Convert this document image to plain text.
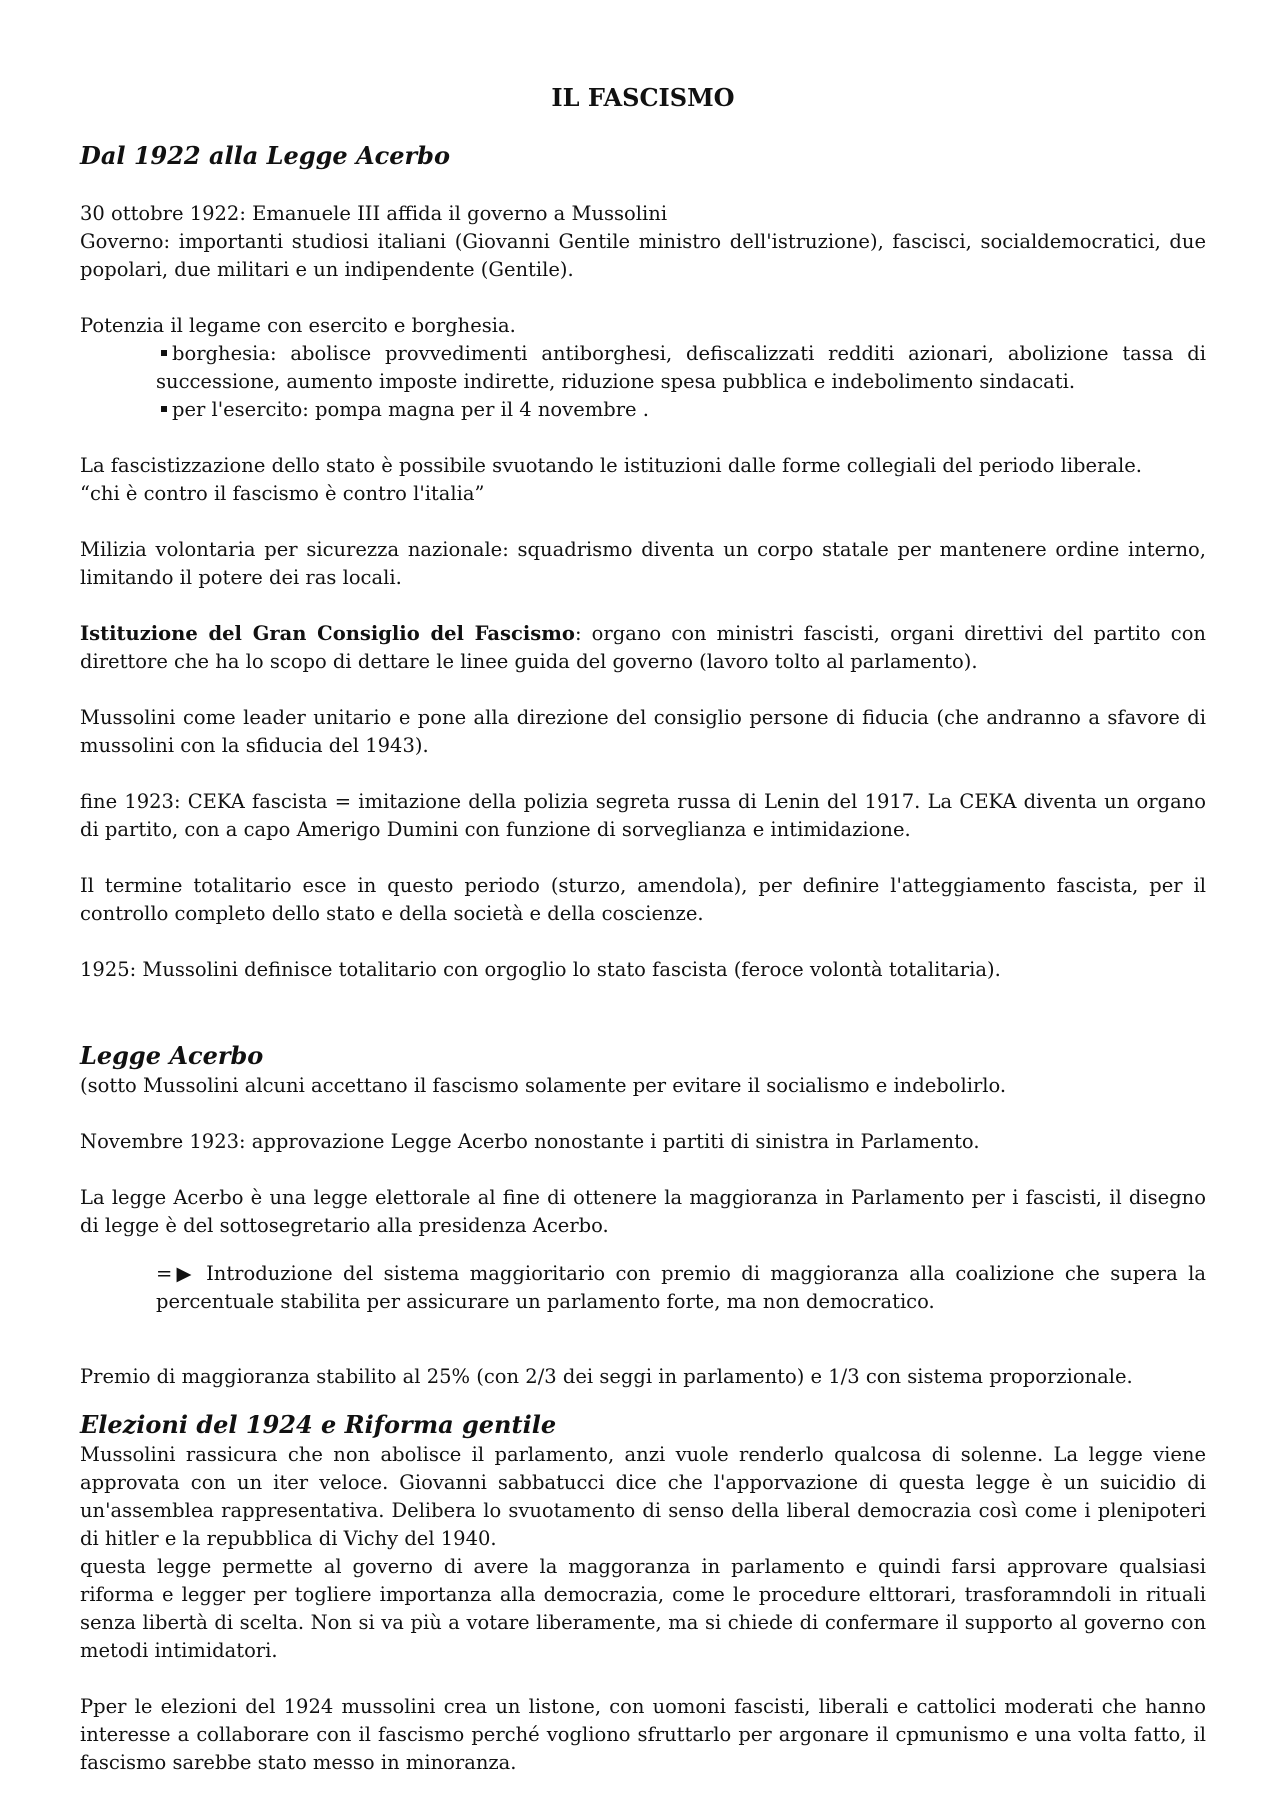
IL FASCISMO
Dal 1922 alla Legge Acerbo

30 ottobre 1922: Emanuele III affida il governo a Mussolini

Governo: importanti studiosi italiani (Giovanni Gentile ministro dell'istruzione), fascisci, socialdemocratici, due popolari, due militari e un indipendente (Gentile).

Potenzia il legame con esercito e borghesia.

borghesia: abolisce provvedimenti antiborghesi, defiscalizzati redditi azionari, abolizione tassa di successione, aumento imposte indirette, riduzione spesa pubblica e indebolimento sindacati.
per l'esercito: pompa magna per il 4 novembre .

La fascistizzazione dello stato è possibile svuotando le istituzioni dalle forme collegiali del periodo liberale.

“chi è contro il fascismo è contro l'italia”

Milizia volontaria per sicurezza nazionale: squadrismo diventa un corpo statale per mantenere ordine interno, limitando il potere dei ras locali.

Istituzione del Gran Consiglio del Fascismo: organo con ministri fascisti, organi direttivi del partito con direttore che ha lo scopo di dettare le linee guida del governo (lavoro tolto al parlamento).

Mussolini come leader unitario e pone alla direzione del consiglio persone di fiducia (che andranno a sfavore di mussolini con la sfiducia del 1943).

fine 1923: CEKA fascista = imitazione della polizia segreta russa di Lenin del 1917. La CEKA diventa un organo di partito, con a capo Amerigo Dumini con funzione di sorveglianza e intimidazione.

Il termine totalitario esce in questo periodo (sturzo, amendola), per definire l'atteggiamento fascista, per il controllo completo dello stato e della società e della coscienze.

1925: Mussolini definisce totalitario con orgoglio lo stato fascista (feroce volontà totalitaria).

Legge Acerbo

(sotto Mussolini alcuni accettano il fascismo solamente per evitare il socialismo e indebolirlo.

Novembre 1923: approvazione Legge Acerbo nonostante i partiti di sinistra in Parlamento.

La legge Acerbo è una legge elettorale al fine di ottenere la maggioranza in Parlamento per i fascisti, il disegno di legge è del sottosegretario alla presidenza Acerbo.

=▶ Introduzione del sistema maggioritario con premio di maggioranza alla coalizione che supera la percentuale stabilita per assicurare un parlamento forte, ma non democratico.

Premio di maggioranza stabilito al 25% (con 2/3 dei seggi in parlamento) e 1/3 con sistema proporzionale.

Elezioni del 1924 e Riforma gentile

Mussolini rassicura che non abolisce il parlamento, anzi vuole renderlo qualcosa di solenne. La legge viene approvata con un iter veloce. Giovanni sabbatucci dice che l'apporvazione di questa legge è un suicidio di un'assemblea rappresentativa. Delibera lo svuotamento di senso della liberal democrazia così come i plenipoteri di hitler e la repubblica di Vichy del 1940.

questa legge permette al governo di avere la maggoranza in parlamento e quindi farsi approvare qualsiasi riforma e legger per togliere importanza alla democrazia, come le procedure elttorari, trasforamndoli in rituali senza libertà di scelta. Non si va più a votare liberamente, ma si chiede di confermare il supporto al governo con metodi intimidatori.

Pper le elezioni del 1924 mussolini crea un listone, con uomoni fascisti, liberali e cattolici moderati che hanno interesse a collaborare con il fascismo perché vogliono sfruttarlo per argonare il cpmunismo e una volta fatto, il fascismo sarebbe stato messo in minoranza.
